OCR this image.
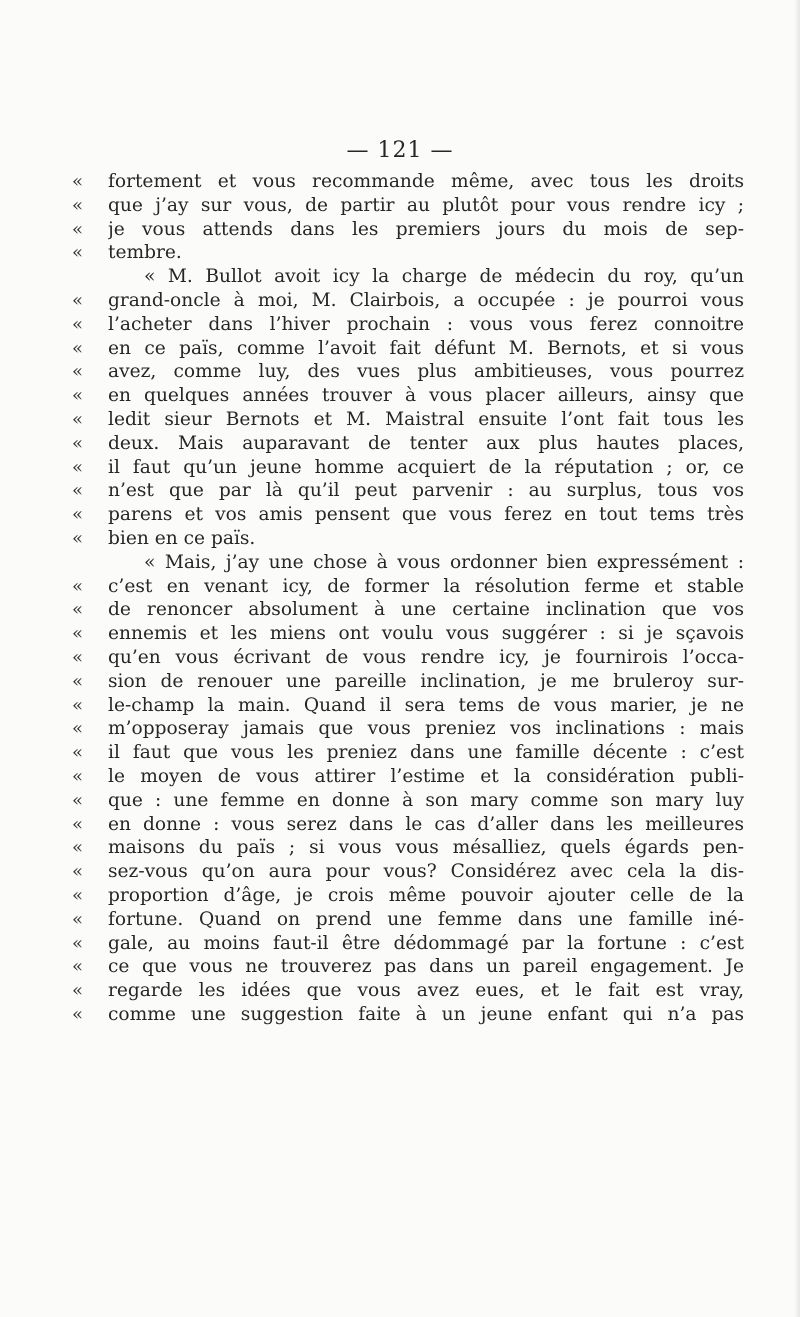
— 121 —
«	fortement et vous recommande même, avec tous les droits
«	que j’ay sur vous, de partir au plutôt pour vous rendre icy ;
«	je vous attends dans les premiers jours du mois de sep-
«	tembre.
« M. Bullot avoit icy la charge de médecin du roy, qu’un
«	grand-oncle à moi, M. Clairbois, a occupée : je pourroi vous
«	l’acheter dans l’hiver prochain : vous vous ferez connoitre
«	en ce païs, comme l’avoit fait défunt M. Bernots, et si vous
«	avez, comme luy, des vues plus ambitieuses, vous pourrez
«	en quelques années trouver à vous placer ailleurs, ainsy que
«	ledit sieur Bernots et M. Maistral ensuite l’ont fait tous les
«	deux. Mais auparavant de tenter aux plus hautes places,
«	il faut qu’un jeune homme acquiert de la réputation ; or, ce
«	n’est que par là qu’il peut parvenir : au surplus, tous vos
«	parens et vos amis pensent que vous ferez en tout tems très
«	bien en ce païs.
« Mais, j’ay une chose à vous ordonner bien expressément :
«	c’est en venant icy, de former la résolution ferme et stable
«	de renoncer absolument à une certaine inclination que vos
«	ennemis et les miens ont voulu vous suggérer : si je sçavois
«	qu’en vous écrivant de vous rendre icy, je fournirois l’occa-
«	sion de renouer une pareille inclination, je me bruleroy sur-
«	le-champ la main. Quand il sera tems de vous marier, je ne
«	m’opposeray jamais que vous preniez vos inclinations : mais
«	il faut que vous les preniez dans une famille décente : c’est
«	le moyen de vous attirer l’estime et la considération publi-
«	que : une femme en donne à son mary comme son mary luy
«	en donne : vous serez dans le cas d’aller dans les meilleures
«	maisons du païs ; si vous vous mésalliez, quels égards pen-
«	sez-vous qu’on aura pour vous? Considérez avec cela la dis-
«	proportion d’âge, je crois même pouvoir ajouter celle de la
«	fortune. Quand on prend une femme dans une famille iné-
«	gale, au moins faut-il être dédommagé par la fortune : c’est
«	ce que vous ne trouverez pas dans un pareil engagement. Je
«	regarde les idées que vous avez eues, et le fait est vray,
«	comme une suggestion faite à un jeune enfant qui n’a pas
